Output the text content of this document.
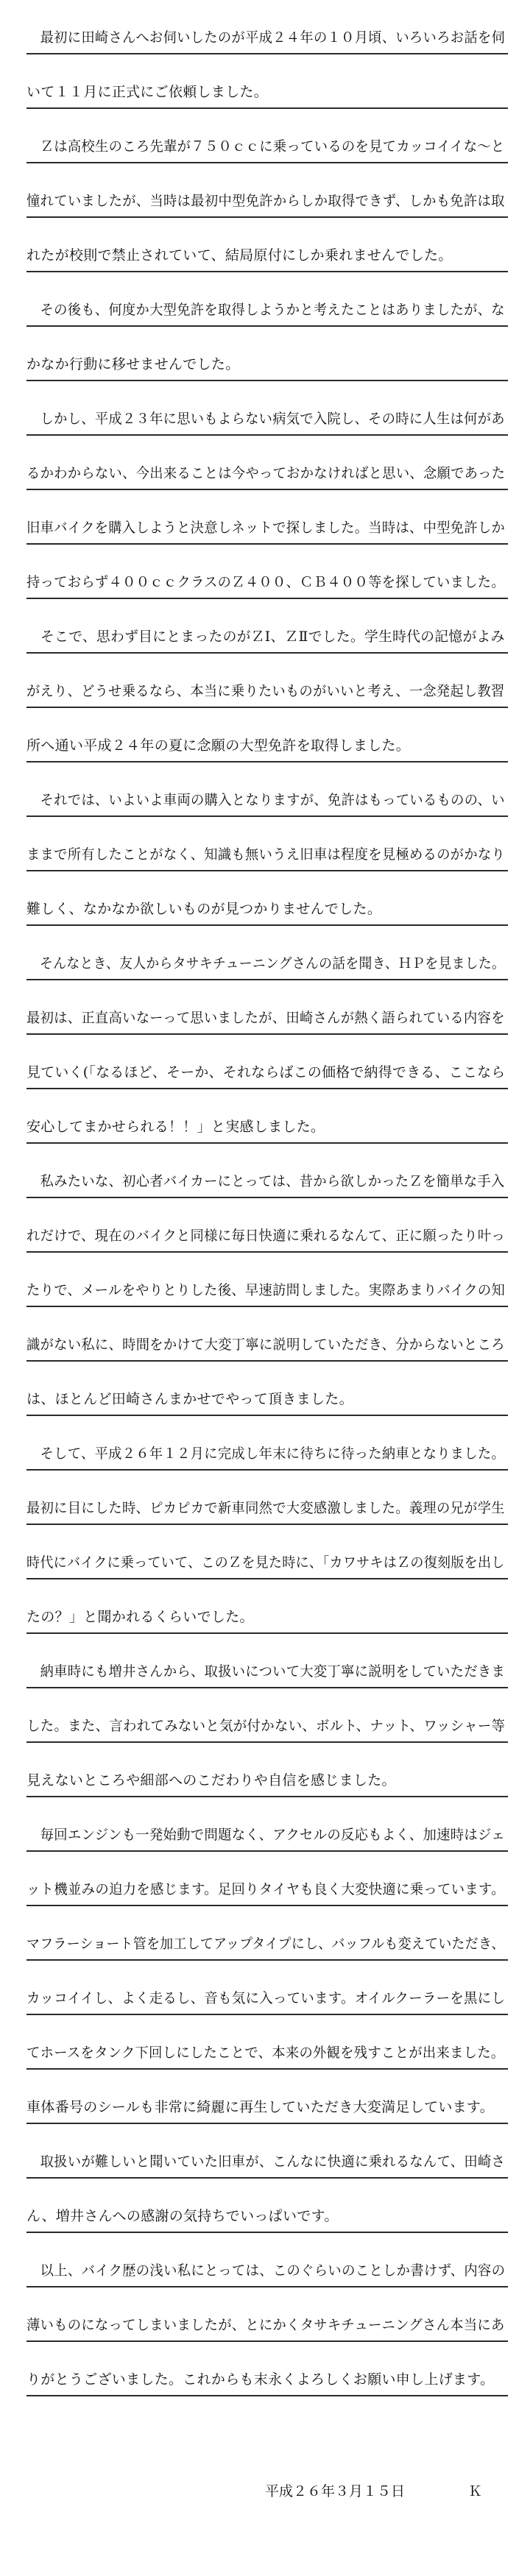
　最初に田崎さんへお伺いしたのが平成２４年の１０月頃、いろいろお話を伺
いて１１月に正式にご依頼しました。
　Ｚは高校生のころ先輩が７５０ｃｃに乗っているのを見てカッコイイな～と
憧れていましたが、当時は最初中型免許からしか取得できず、しかも免許は取
れたが校則で禁止されていて、結局原付にしか乗れませんでした。
　その後も、何度か大型免許を取得しようかと考えたことはありましたが、な
かなか行動に移せませんでした。
　しかし、平成２３年に思いもよらない病気で入院し、その時に人生は何があ
るかわからない、今出来ることは今やっておかなければと思い、念願であった
旧車バイクを購入しようと決意しネットで探しました。当時は、中型免許しか
持っておらず４００ｃｃクラスのＺ４００、ＣＢ４００等を探していました。
　そこで、思わず目にとまったのがＺⅠ、ＺⅡでした。学生時代の記憶がよみ
がえり、どうせ乗るなら、本当に乗りたいものがいいと考え、一念発起し教習
所へ通い平成２４年の夏に念願の大型免許を取得しました。
　それでは、いよいよ車両の購入となりますが、免許はもっているものの、い
ままで所有したことがなく、知識も無いうえ旧車は程度を見極めるのがかなり
難しく、なかなか欲しいものが見つかりませんでした。
　そんなとき、友人からタサキチューニングさんの話を聞き、ＨＰを見ました。
最初は、正直高いなーって思いましたが、田崎さんが熱く語られている内容を
見ていく(「なるほど、そーか、それならばこの価格で納得できる、ここなら
安心してまかせられる！！」と実感しました。
　私みたいな、初心者バイカーにとっては、昔から欲しかったＺを簡単な手入
れだけで、現在のバイクと同様に毎日快適に乗れるなんて、正に願ったり叶っ
たりで、メールをやりとりした後、早速訪問しました。実際あまりバイクの知
識がない私に、時間をかけて大変丁寧に説明していただき、分からないところ
は、ほとんど田崎さんまかせでやって頂きました。
　そして、平成２６年１２月に完成し年末に待ちに待った納車となりました。
最初に目にした時、ピカピカで新車同然で大変感激しました。義理の兄が学生
時代にバイクに乗っていて、このＺを見た時に、「カワサキはＺの復刻版を出し
たの？」と聞かれるくらいでした。
　納車時にも増井さんから、取扱いについて大変丁寧に説明をしていただきま
した。また、言われてみないと気が付かない、ボルト、ナット、ワッシャー等
見えないところや細部へのこだわりや自信を感じました。
　毎回エンジンも一発始動で問題なく、アクセルの反応もよく、加速時はジェ
ット機並みの迫力を感じます。足回りタイヤも良く大変快適に乗っています。
マフラーショート管を加工してアップタイプにし、バッフルも変えていただき、
カッコイイし、よく走るし、音も気に入っています。オイルクーラーを黒にし
てホースをタンク下回しにしたことで、本来の外観を残すことが出来ました。
車体番号のシールも非常に綺麗に再生していただき大変満足しています。
　取扱いが難しいと聞いていた旧車が、こんなに快適に乗れるなんて、田崎さ
ん、増井さんへの感謝の気持ちでいっぱいです。
　以上、バイク歴の浅い私にとっては、このぐらいのことしか書けず、内容の
薄いものになってしまいましたが、とにかくタサキチューニングさん本当にあ
りがとうございました。これからも末永くよろしくお願い申し上げます。
平成２６年３月１５日	Ｋ
